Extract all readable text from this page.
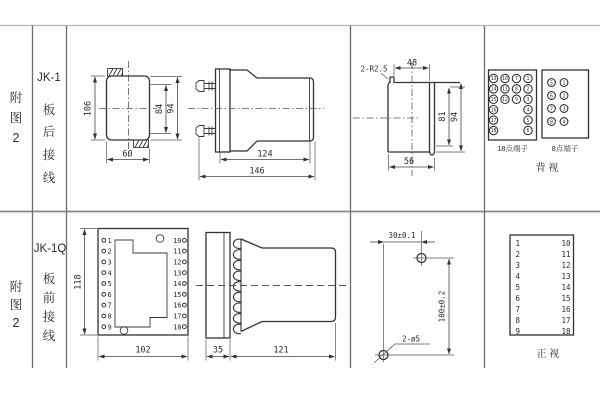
附
图
2
JK-1
板
后
接
线
附
图
2
JK-1Q
板
前
接
线
106	84 94
60	124
146
48
2-R2.5
81 94
56
13 10 7 1
14 11 8 2
15 12 9 3
16	4
17	5
18	6
5 1
6 2
7 3
8 4
18点端子	8点端子
背 视
1
2
3
4
5
6
7
8
9
10
11
12
13
14
15
16
17
18
118
102	35	121
30±0.1
100±0.2
2-ø5
1
2
3
4
5
6
7
8
9
10
11
12
13
14
15
16
17
18
正 视
